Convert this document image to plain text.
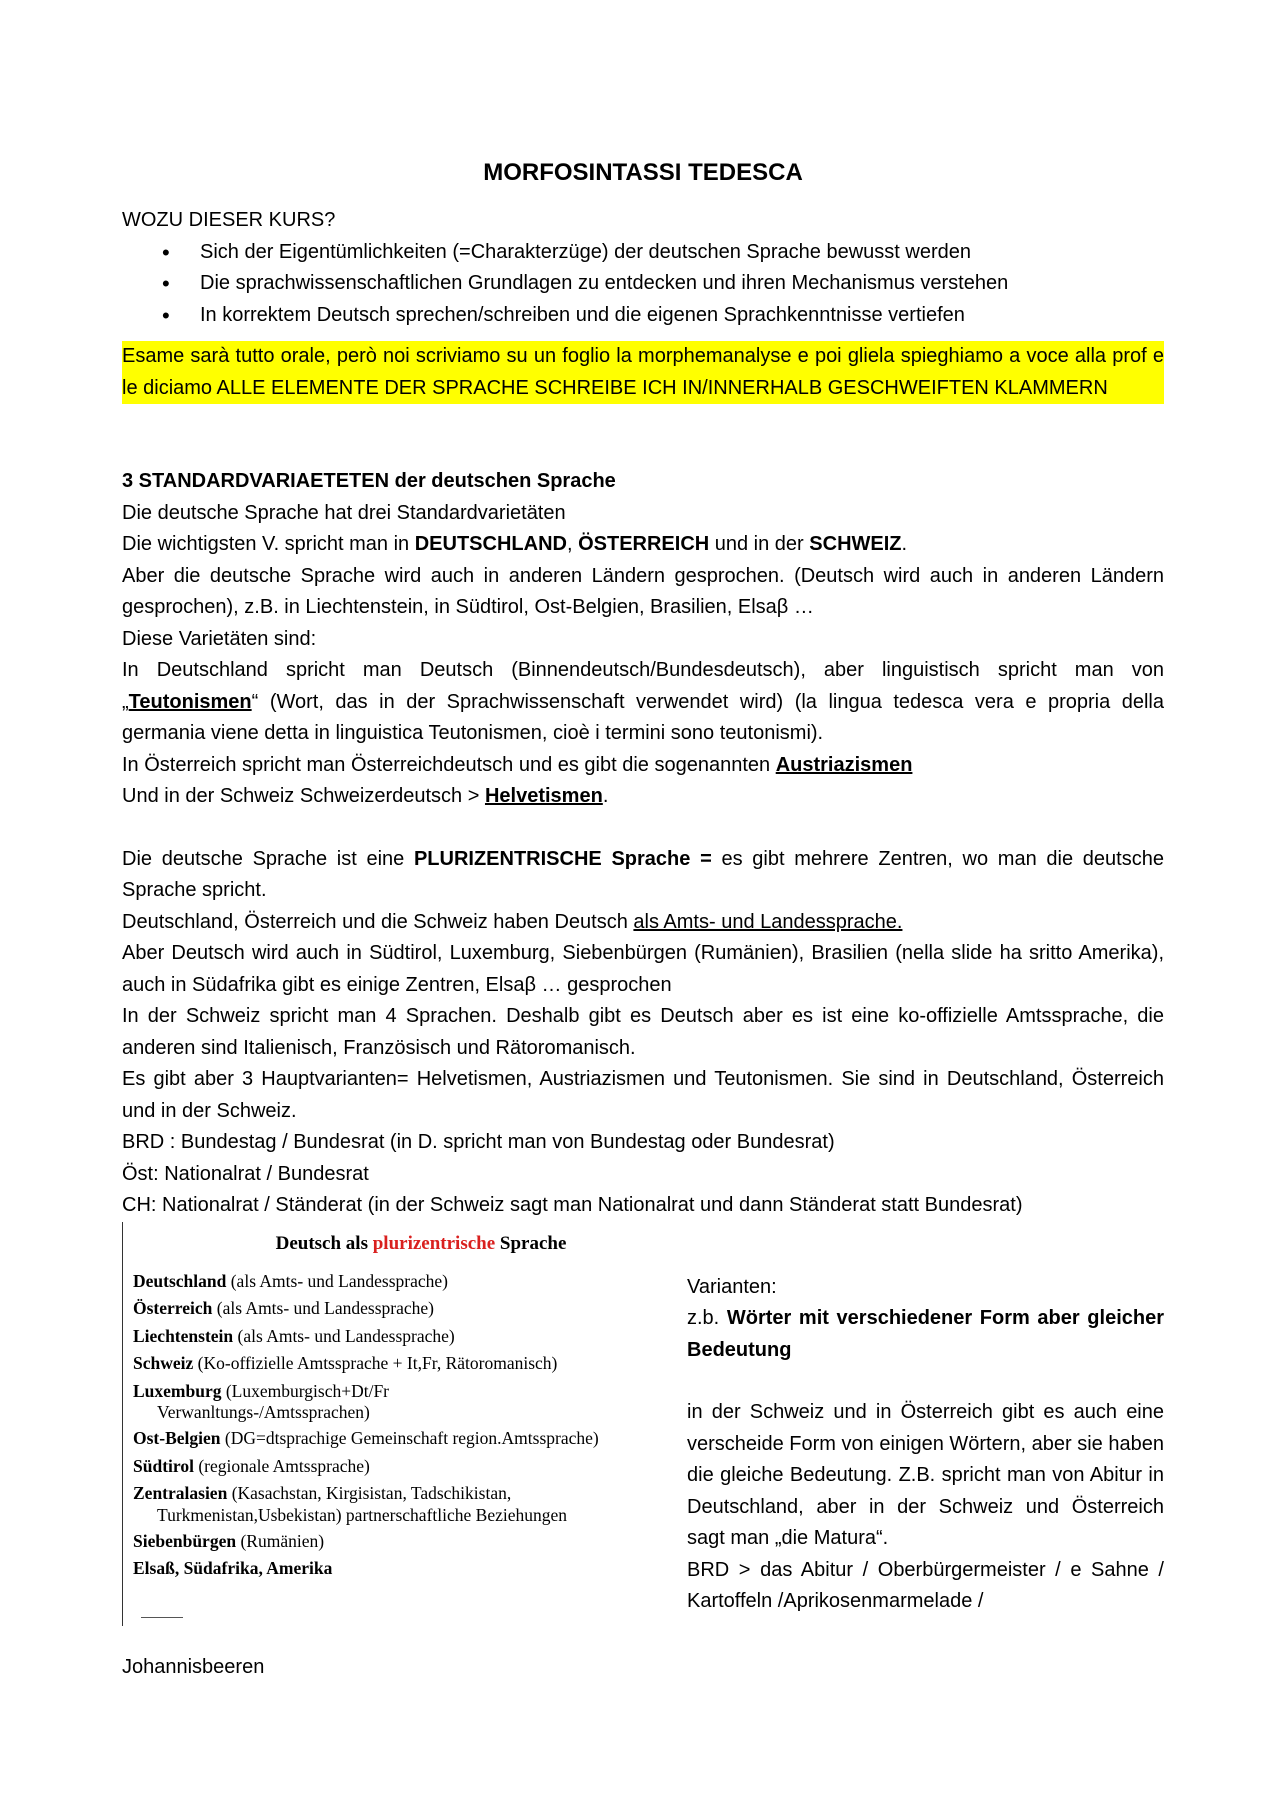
MORFOSINTASSI TEDESCA
WOZU DIESER KURS?
• Sich der Eigentümlichkeiten (=Charakterzüge) der deutschen Sprache bewusst werden
• Die sprachwissenschaftlichen Grundlagen zu entdecken und ihren Mechanismus verstehen
• In korrektem Deutsch sprechen/schreiben und die eigenen Sprachkenntnisse vertiefen
Esame sarà tutto orale, però noi scriviamo su un foglio la morphemanalyse e poi gliela spieghiamo a voce alla prof e le diciamo ALLE ELEMENTE DER SPRACHE SCHREIBE ICH IN/INNERHALB GESCHWEIFTEN KLAMMERN
3 STANDARDVARIAETETEN der deutschen Sprache
Die deutsche Sprache hat drei Standardvarietäten
Die wichtigsten V. spricht man in DEUTSCHLAND, ÖSTERREICH und in der SCHWEIZ.
Aber die deutsche Sprache wird auch in anderen Ländern gesprochen. (Deutsch wird auch in anderen Ländern gesprochen), z.B. in Liechtenstein, in Südtirol, Ost-Belgien, Brasilien, Elsaβ …
Diese Varietäten sind:
In Deutschland spricht man Deutsch (Binnendeutsch/Bundesdeutsch), aber linguistisch spricht man von „Teutonismen“ (Wort, das in der Sprachwissenschaft verwendet wird) (la lingua tedesca vera e propria della germania viene detta in linguistica Teutonismen, cioè i termini sono teutonismi).
In Österreich spricht man Österreichdeutsch und es gibt die sogenannten Austriazismen
Und in der Schweiz Schweizerdeutsch > Helvetismen.
Die deutsche Sprache ist eine PLURIZENTRISCHE Sprache = es gibt mehrere Zentren, wo man die deutsche Sprache spricht.
Deutschland, Österreich und die Schweiz haben Deutsch als Amts- und Landessprache.
Aber Deutsch wird auch in Südtirol, Luxemburg, Siebenbürgen (Rumänien), Brasilien (nella slide ha sritto Amerika), auch in Südafrika gibt es einige Zentren, Elsaβ … gesprochen
In der Schweiz spricht man 4 Sprachen. Deshalb gibt es Deutsch aber es ist eine ko-offizielle Amtssprache, die anderen sind Italienisch, Französisch und Rätoromanisch.
Es gibt aber 3 Hauptvarianten= Helvetismen, Austriazismen und Teutonismen. Sie sind in Deutschland, Österreich und in der Schweiz.
BRD : Bundestag / Bundesrat (in D. spricht man von Bundestag oder Bundesrat)
Öst: Nationalrat / Bundesrat
CH: Nationalrat / Ständerat (in der Schweiz sagt man Nationalrat und dann Ständerat statt Bundesrat)
Deutsch als plurizentrische Sprache
Deutschland (als Amts- und Landessprache)
Österreich (als Amts- und Landessprache)
Liechtenstein (als Amts- und Landessprache)
Schweiz (Ko-offizielle Amtssprache + It,Fr, Rätoromanisch)
Luxemburg (Luxemburgisch+Dt/Fr
Verwanltungs-/Amtssprachen)
Ost-Belgien (DG=dtsprachige Gemeinschaft region.Amtssprache)
Südtirol (regionale Amtssprache)
Zentralasien (Kasachstan, Kirgisistan, Tadschikistan,
Turkmenistan,Usbekistan) partnerschaftliche Beziehungen
Siebenbürgen (Rumänien)
Elsaß, Südafrika, Amerika
Varianten:
z.b. Wörter mit verschiedener Form aber gleicher Bedeutung
in der Schweiz und in Österreich gibt es auch eine verscheide Form von einigen Wörtern, aber sie haben die gleiche Bedeutung. Z.B. spricht man von Abitur in Deutschland, aber in der Schweiz und Österreich sagt man „die Matura“.
BRD > das Abitur / Oberbürgermeister / e Sahne / Kartoffeln /Aprikosenmarmelade /
Johannisbeeren
